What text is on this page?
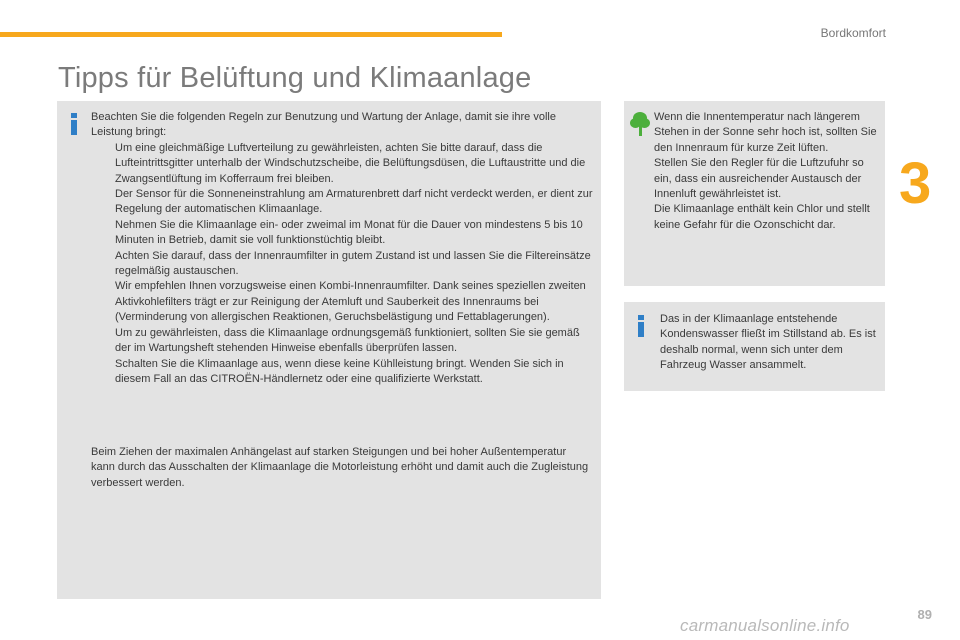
Bordkomfort
3
Tipps für Belüftung und Klimaanlage

Beachten Sie die folgenden Regeln zur Benutzung und Wartung der Anlage, damit sie ihre volle Leistung bringt:

Um eine gleichmäßige Luftverteilung zu gewährleisten, achten Sie bitte darauf, dass die Lufteintrittsgitter unterhalb der Windschutzscheibe, die Belüftungsdüsen, die Luftaustritte und die Zwangsentlüftung im Kofferraum frei bleiben.
Der Sensor für die Sonneneinstrahlung am Armaturenbrett darf nicht verdeckt werden, er dient zur Regelung der automatischen Klimaanlage.
Nehmen Sie die Klimaanlage ein- oder zweimal im Monat für die Dauer von mindestens 5 bis 10 Minuten in Betrieb, damit sie voll funktionstüchtig bleibt.
Achten Sie darauf, dass der Innenraumfilter in gutem Zustand ist und lassen Sie die Filtereinsätze regelmäßig austauschen.
Wir empfehlen Ihnen vorzugsweise einen Kombi-Innenraumfilter. Dank seines speziellen zweiten Aktivkohlefilters trägt er zur Reinigung der Atemluft und Sauberkeit des Innenraums bei (Verminderung von allergischen Reaktionen, Geruchsbelästigung und Fettablagerungen).
Um zu gewährleisten, dass die Klimaanlage ordnungsgemäß funktioniert, sollten Sie sie gemäß der im Wartungsheft stehenden Hinweise ebenfalls überprüfen lassen.
Schalten Sie die Klimaanlage aus, wenn diese keine Kühlleistung bringt. Wenden Sie sich in diesem Fall an das CITROËN-Händlernetz oder eine qualifizierte Werkstatt.

Beim Ziehen der maximalen Anhängelast auf starken Steigungen und bei hoher Außentemperatur kann durch das Ausschalten der Klimaanlage die Motorleistung erhöht und damit auch die Zugleistung verbessert werden.

Wenn die Innentemperatur nach längerem Stehen in der Sonne sehr hoch ist, sollten Sie den Innenraum für kurze Zeit lüften.

Stellen Sie den Regler für die Luftzufuhr so ein, dass ein ausreichender Austausch der Innenluft gewährleistet ist.

Die Klimaanlage enthält kein Chlor und stellt keine Gefahr für die Ozonschicht dar.

Das in der Klimaanlage entstehende Kondenswasser fließt im Stillstand ab. Es ist deshalb normal, wenn sich unter dem Fahrzeug Wasser ansammelt.

89
carmanualsonline.info
